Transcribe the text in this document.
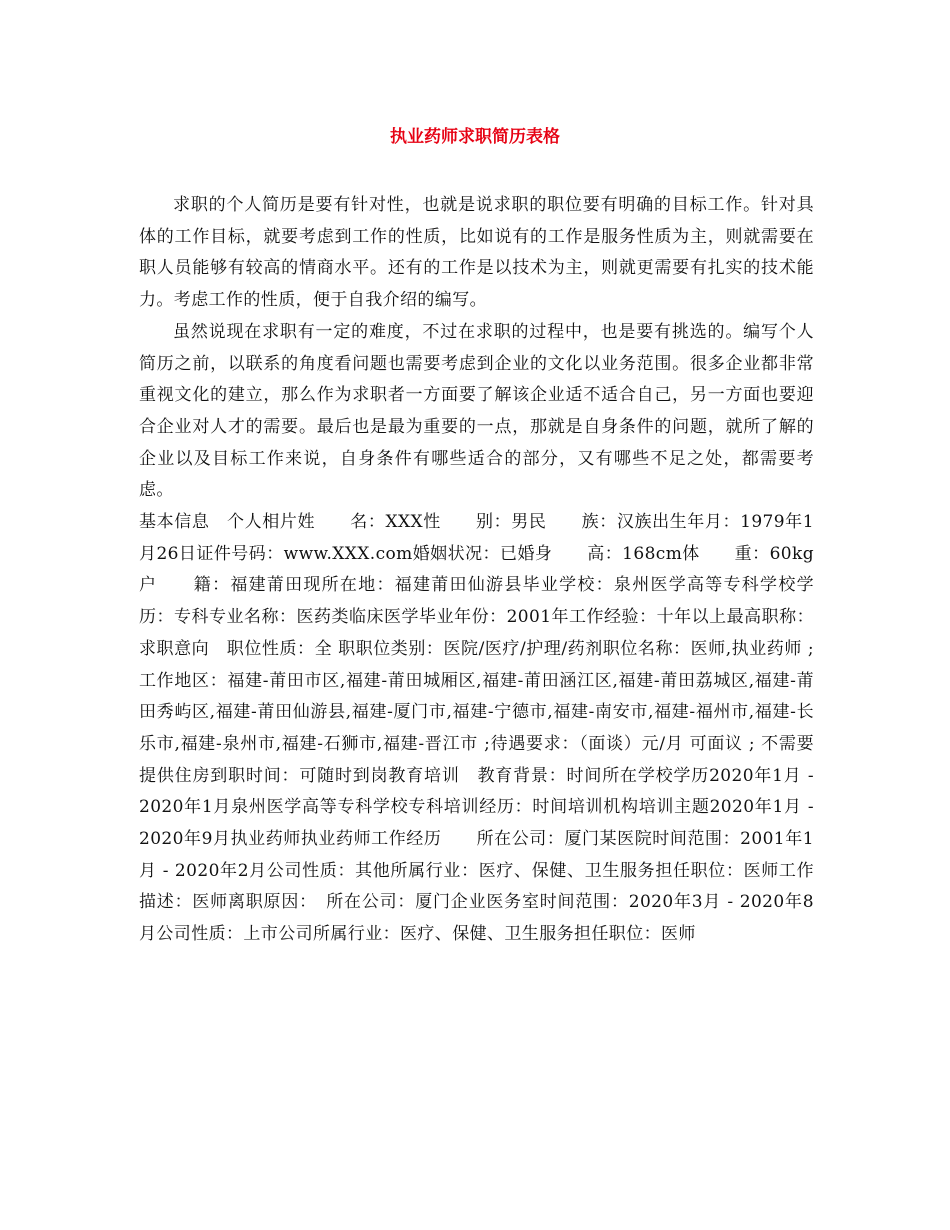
执业药师求职简历表格

求职的个人简历是要有针对性，也就是说求职的职位要有明确的目标工作。针对具体的工作目标，就要考虑到工作的性质，比如说有的工作是服务性质为主，则就需要在职人员能够有较高的情商水平。还有的工作是以技术为主，则就更需要有扎实的技术能力。考虑工作的性质，便于自我介绍的编写。

虽然说现在求职有一定的难度，不过在求职的过程中，也是要有挑选的。编写个人简历之前，以联系的角度看问题也需要考虑到企业的文化以业务范围。很多企业都非常重视文化的建立，那么作为求职者一方面要了解该企业适不适合自己，另一方面也要迎合企业对人才的需要。最后也是最为重要的一点，那就是自身条件的问题，就所了解的企业以及目标工作来说，自身条件有哪些适合的部分，又有哪些不足之处，都需要考虑。

基本信息　个人相片姓　　名：XXX性　　别：男民　　族：汉族出生年月：1979年1月26日证件号码：www.XXX.com婚姻状况：已婚身　　高：168cm体　　重：60kg户　　籍：福建莆田现所在地：福建莆田仙游县毕业学校：泉州医学高等专科学校学　　历：专科专业名称：医药类临床医学毕业年份：2001年工作经验：十年以上最高职称：求职意向　职位性质：全 职职位类别：医院/医疗/护理/药剂职位名称：医师,执业药师 ;工作地区：福建-莆田市区,福建-莆田城厢区,福建-莆田涵江区,福建-莆田荔城区,福建-莆田秀屿区,福建-莆田仙游县,福建-厦门市,福建-宁德市,福建-南安市,福建-福州市,福建-长乐市,福建-泉州市,福建-石狮市,福建-晋江市 ;待遇要求：（面谈）元/月 可面议 ; 不需要提供住房到职时间：可随时到岗教育培训　教育背景：时间所在学校学历2020年1月 - 2020年1月泉州医学高等专科学校专科培训经历：时间培训机构培训主题2020年1月 - 2020年9月执业药师执业药师工作经历　　所在公司：厦门某医院时间范围：2001年1月 - 2020年2月公司性质：其他所属行业：医疗、保健、卫生服务担任职位：医师工作描述：医师离职原因：　所在公司：厦门企业医务室时间范围：2020年3月 - 2020年8月公司性质：上市公司所属行业：医疗、保健、卫生服务担任职位：医师
